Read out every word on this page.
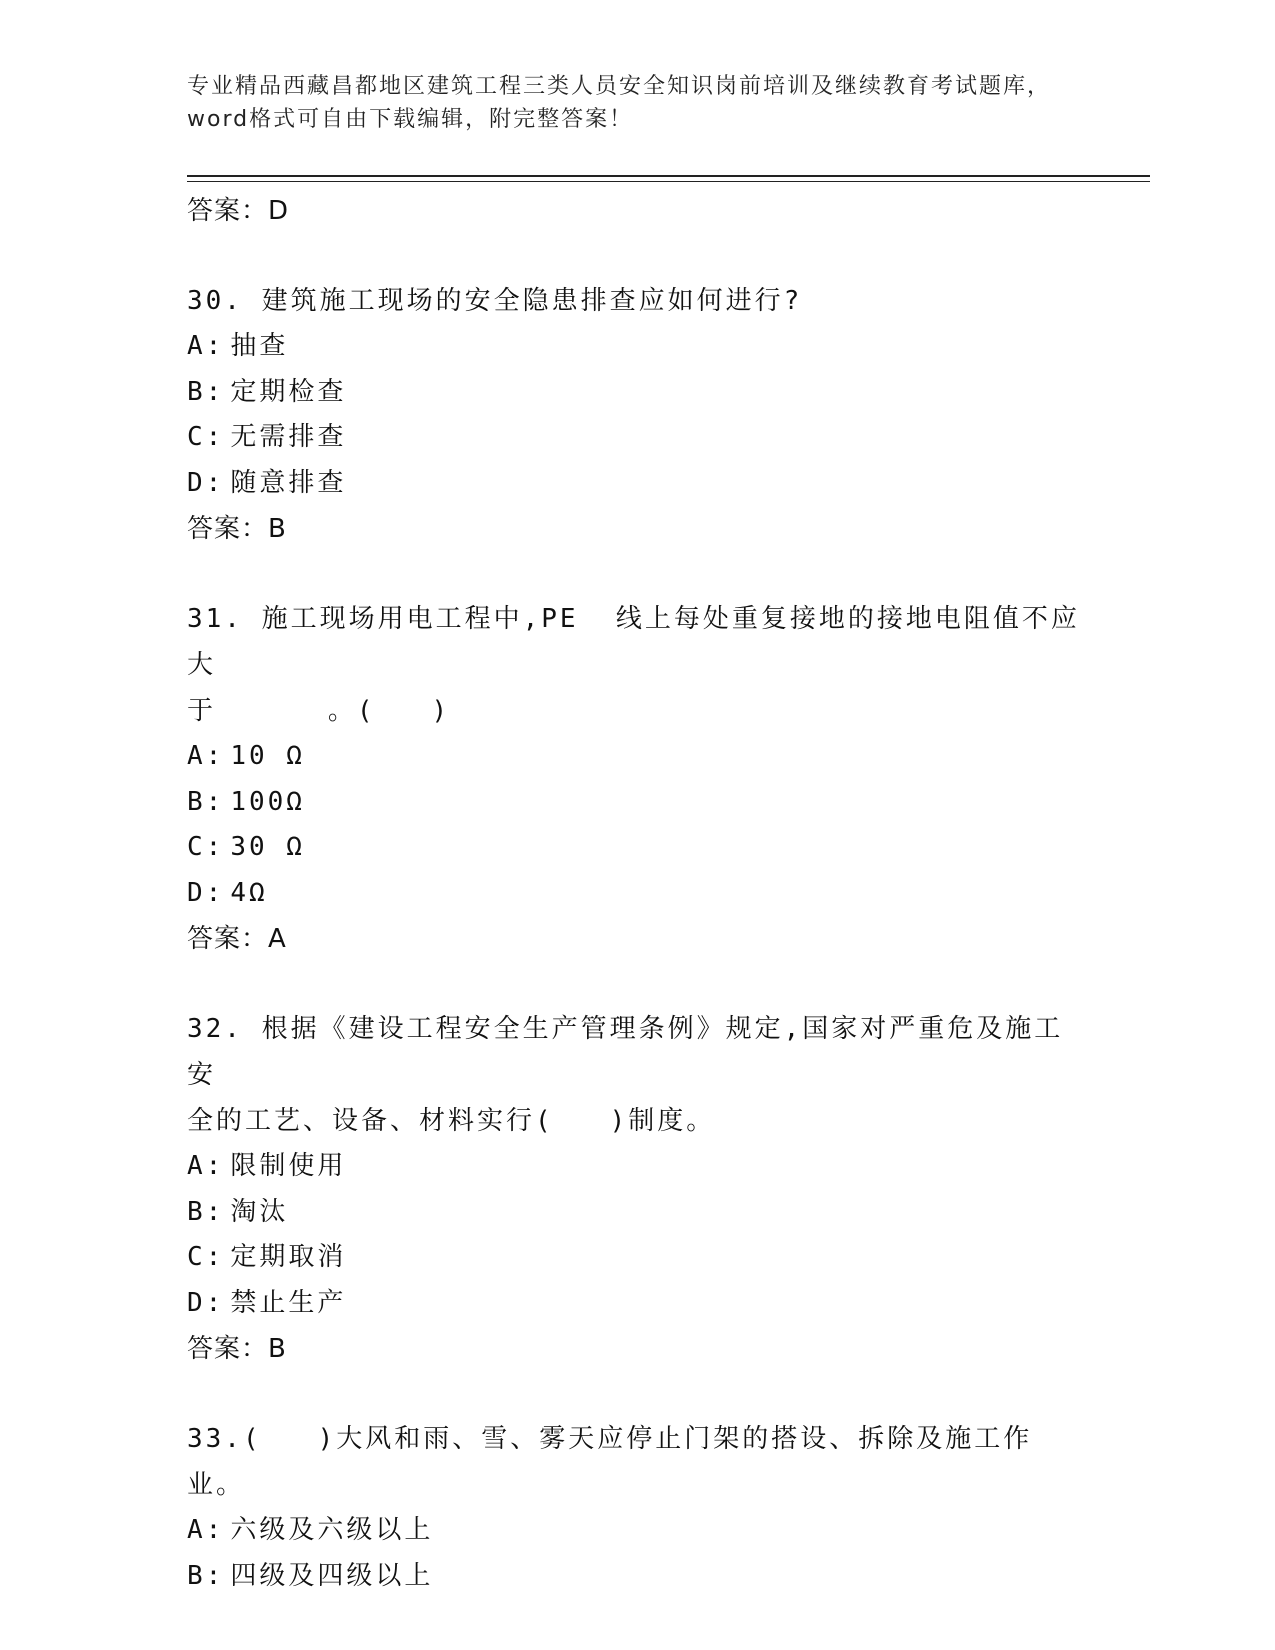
专业精品西藏昌都地区建筑工程三类人员安全知识岗前培训及继续教育考试题库，
word格式可自由下载编辑，附完整答案！
答案：D
30. 建筑施工现场的安全隐患排查应如何进行?
A: 抽查
B: 定期检查
C: 无需排查
D: 随意排查
答案：B
31. 施工现场用电工程中,PE  线上每处重复接地的接地电阻值不应大
于      。(   )
A: 10 Ω
B: 100Ω
C: 30 Ω
D: 4Ω
答案：A
32. 根据《建设工程安全生产管理条例》规定,国家对严重危及施工安
全的工艺、设备、材料实行(   )制度。
A: 限制使用
B: 淘汰
C: 定期取消
D: 禁止生产
答案：B
33.(   )大风和雨、雪、雾天应停止门架的搭设、拆除及施工作业。
A: 六级及六级以上
B: 四级及四级以上
